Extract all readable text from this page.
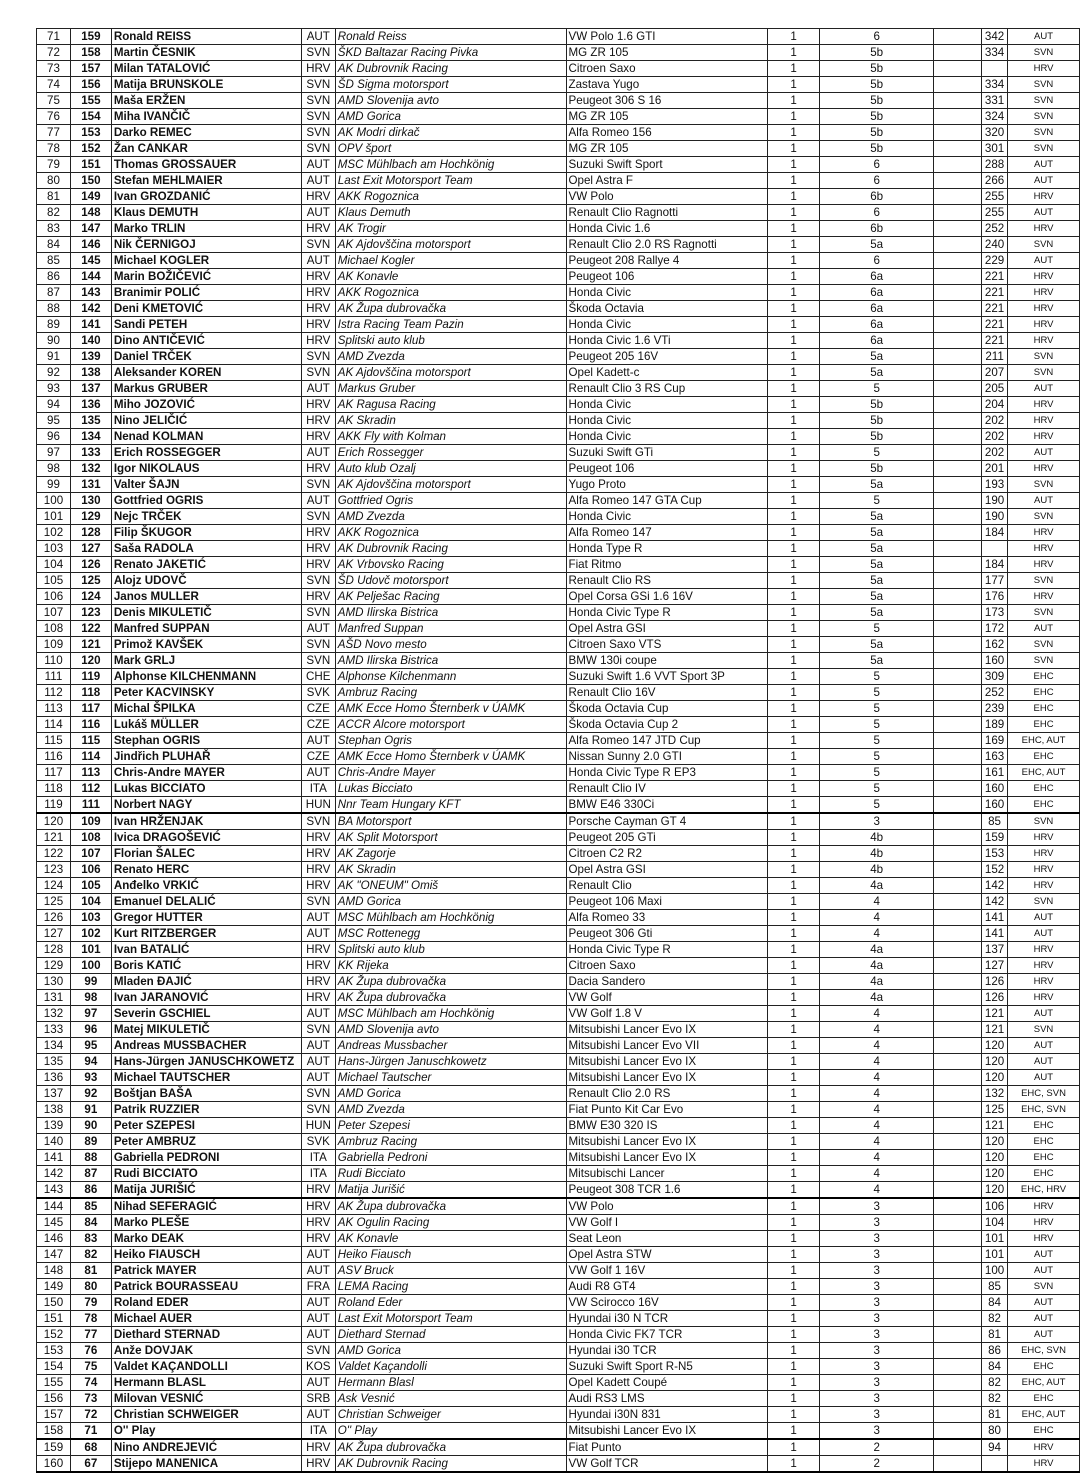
71	159	Ronald REISS	AUT	Ronald Reiss	VW Polo 1.6 GTI	1	6		342	AUT
72	158	Martin ČESNIK	SVN	ŠKD Baltazar Racing Pivka	MG ZR 105	1	5b		334	SVN
73	157	Milan TATALOVIĆ	HRV	AK Dubrovnik Racing	Citroen Saxo	1	5b			HRV
74	156	Matija BRUNSKOLE	SVN	ŠD Sigma motorsport	Zastava Yugo	1	5b		334	SVN
75	155	Maša ERŽEN	SVN	AMD Slovenija avto	Peugeot 306 S 16	1	5b		331	SVN
76	154	Miha IVANČIČ	SVN	AMD Gorica	MG ZR 105	1	5b		324	SVN
77	153	Darko REMEC	SVN	AK Modri dirkač	Alfa Romeo 156	1	5b		320	SVN
78	152	Žan CANKAR	SVN	OPV šport	MG ZR 105	1	5b		301	SVN
79	151	Thomas GROSSAUER	AUT	MSC Mühlbach am Hochkönig	Suzuki Swift Sport	1	6		288	AUT
80	150	Stefan MEHLMAIER	AUT	Last Exit Motorsport Team	Opel Astra F	1	6		266	AUT
81	149	Ivan GROZDANIĆ	HRV	AKK Rogoznica	VW Polo	1	6b		255	HRV
82	148	Klaus DEMUTH	AUT	Klaus Demuth	Renault Clio Ragnotti	1	6		255	AUT
83	147	Marko TRLIN	HRV	AK Trogir	Honda Civic 1.6	1	6b		252	HRV
84	146	Nik ČERNIGOJ	SVN	AK Ajdovščina motorsport	Renault Clio 2.0 RS Ragnotti	1	5a		240	SVN
85	145	Michael KOGLER	AUT	Michael Kogler	Peugeot 208 Rallye 4	1	6		229	AUT
86	144	Marin BOŽIČEVIĆ	HRV	AK Konavle	Peugeot 106	1	6a		221	HRV
87	143	Branimir POLIĆ	HRV	AKK Rogoznica	Honda Civic	1	6a		221	HRV
88	142	Deni KMETOVIĆ	HRV	AK Župa dubrovačka	Škoda Octavia	1	6a		221	HRV
89	141	Sandi PETEH	HRV	Istra Racing Team Pazin	Honda Civic	1	6a		221	HRV
90	140	Dino ANTIČEVIĆ	HRV	Splitski auto klub	Honda Civic 1.6 VTi	1	6a		221	HRV
91	139	Daniel TRČEK	SVN	AMD Zvezda	Peugeot 205 16V	1	5a		211	SVN
92	138	Aleksander KOREN	SVN	AK Ajdovščina motorsport	Opel Kadett-c	1	5a		207	SVN
93	137	Markus GRUBER	AUT	Markus Gruber	Renault Clio 3 RS Cup	1	5		205	AUT
94	136	Miho JOZOVIĆ	HRV	AK Ragusa Racing	Honda Civic	1	5b		204	HRV
95	135	Nino JELIČIĆ	HRV	AK Skradin	Honda Civic	1	5b		202	HRV
96	134	Nenad KOLMAN	HRV	AKK Fly with Kolman	Honda Civic	1	5b		202	HRV
97	133	Erich ROSSEGGER	AUT	Erich Rossegger	Suzuki Swift GTi	1	5		202	AUT
98	132	Igor NIKOLAUS	HRV	Auto klub Ozalj	Peugeot 106	1	5b		201	HRV
99	131	Valter ŠAJN	SVN	AK Ajdovščina motorsport	Yugo Proto	1	5a		193	SVN
100	130	Gottfried OGRIS	AUT	Gottfried Ogris	Alfa Romeo 147 GTA Cup	1	5		190	AUT
101	129	Nejc TRČEK	SVN	AMD Zvezda	Honda Civic	1	5a		190	SVN
102	128	Filip ŠKUGOR	HRV	AKK Rogoznica	Alfa Romeo 147	1	5a		184	HRV
103	127	Saša RADOLA	HRV	AK Dubrovnik Racing	Honda Type R	1	5a			HRV
104	126	Renato JAKETIĆ	HRV	AK Vrbovsko Racing	Fiat Ritmo	1	5a		184	HRV
105	125	Alojz UDOVČ	SVN	ŠD Udovč motorsport	Renault Clio RS	1	5a		177	SVN
106	124	Janos MULLER	HRV	AK Pelješac Racing	Opel Corsa GSi 1.6 16V	1	5a		176	HRV
107	123	Denis MIKULETIČ	SVN	AMD Ilirska Bistrica	Honda Civic Type R	1	5a		173	SVN
108	122	Manfred SUPPAN	AUT	Manfred Suppan	Opel Astra GSI	1	5		172	AUT
109	121	Primož KAVŠEK	SVN	AŠD Novo mesto	Citroen Saxo VTS	1	5a		162	SVN
110	120	Mark GRLJ	SVN	AMD Ilirska Bistrica	BMW 130i coupe	1	5a		160	SVN
111	119	Alphonse KILCHENMANN	CHE	Alphonse Kilchenmann	Suzuki Swift 1.6 VVT Sport 3P	1	5		309	EHC
112	118	Peter KACVINSKY	SVK	Ambruz Racing	Renault Clio 16V	1	5		252	EHC
113	117	Michal ŠPILKA	CZE	AMK Ecce Homo Šternberk v ÚAMK	Škoda Octavia Cup	1	5		239	EHC
114	116	Lukáš MÜLLER	CZE	ACCR Alcore motorsport	Škoda Octavia Cup 2	1	5		189	EHC
115	115	Stephan OGRIS	AUT	Stephan Ogris	Alfa Romeo 147 JTD Cup	1	5		169	EHC, AUT
116	114	Jindřich PLUHAŘ	CZE	AMK Ecce Homo Šternberk v ÚAMK	Nissan Sunny 2.0 GTI	1	5		163	EHC
117	113	Chris-Andre MAYER	AUT	Chris-Andre Mayer	Honda Civic Type R EP3	1	5		161	EHC, AUT
118	112	Lukas BICCIATO	ITA	Lukas Bicciato	Renault Clio IV	1	5		160	EHC
119	111	Norbert NAGY	HUN	Nnr Team Hungary KFT	BMW E46 330Ci	1	5		160	EHC
120	109	Ivan HRŽENJAK	SVN	BA Motorsport	Porsche Cayman GT 4	1	3		85	SVN
121	108	Ivica DRAGOŠEVIĆ	HRV	AK Split Motorsport	Peugeot 205 GTi	1	4b		159	HRV
122	107	Florian ŠALEC	HRV	AK Zagorje	Citroen C2 R2	1	4b		153	HRV
123	106	Renato HERC	HRV	AK Skradin	Opel Astra GSI	1	4b		152	HRV
124	105	Anđelko VRKIĆ	HRV	AK "ONEUM" Omiš	Renault Clio	1	4a		142	HRV
125	104	Emanuel DELALIĆ	SVN	AMD Gorica	Peugeot 106 Maxi	1	4		142	SVN
126	103	Gregor HUTTER	AUT	MSC Mühlbach am Hochkönig	Alfa Romeo 33	1	4		141	AUT
127	102	Kurt RITZBERGER	AUT	MSC Rottenegg	Peugeot 306 Gti	1	4		141	AUT
128	101	Ivan BATALIĆ	HRV	Splitski auto klub	Honda Civic Type R	1	4a		137	HRV
129	100	Boris KATIĆ	HRV	KK Rijeka	Citroen Saxo	1	4a		127	HRV
130	99	Mladen ĐAJIĆ	HRV	AK Župa dubrovačka	Dacia Sandero	1	4a		126	HRV
131	98	Ivan JARANOVIĆ	HRV	AK Župa dubrovačka	VW Golf	1	4a		126	HRV
132	97	Severin GSCHIEL	AUT	MSC Mühlbach am Hochkönig	VW Golf 1.8 V	1	4		121	AUT
133	96	Matej MIKULETIČ	SVN	AMD Slovenija avto	Mitsubishi Lancer Evo IX	1	4		121	SVN
134	95	Andreas MUSSBACHER	AUT	Andreas Mussbacher	Mitsubishi Lancer Evo VII	1	4		120	AUT
135	94	Hans-Jürgen JANUSCHKOWETZ	AUT	Hans-Jürgen Januschkowetz	Mitsubishi Lancer Evo IX	1	4		120	AUT
136	93	Michael TAUTSCHER	AUT	Michael Tautscher	Mitsubishi Lancer Evo IX	1	4		120	AUT
137	92	Boštjan BAŠA	SVN	AMD Gorica	Renault Clio 2.0 RS	1	4		132	EHC, SVN
138	91	Patrik RUZZIER	SVN	AMD Zvezda	Fiat Punto Kit Car Evo	1	4		125	EHC, SVN
139	90	Peter SZEPESI	HUN	Peter Szepesi	BMW E30 320 IS	1	4		121	EHC
140	89	Peter AMBRUZ	SVK	Ambruz Racing	Mitsubishi Lancer Evo IX	1	4		120	EHC
141	88	Gabriella PEDRONI	ITA	Gabriella Pedroni	Mitsubishi Lancer Evo IX	1	4		120	EHC
142	87	Rudi BICCIATO	ITA	Rudi Bicciato	Mitsubischi Lancer	1	4		120	EHC
143	86	Matija JURIŠIĆ	HRV	Matija Jurišić	Peugeot 308 TCR 1.6	1	4		120	EHC, HRV
144	85	Nihad SEFERAGIĆ	HRV	AK Župa dubrovačka	VW Polo	1	3		106	HRV
145	84	Marko PLEŠE	HRV	AK Ogulin Racing	VW Golf I	1	3		104	HRV
146	83	Marko DEAK	HRV	AK Konavle	Seat Leon	1	3		101	HRV
147	82	Heiko FIAUSCH	AUT	Heiko Fiausch	Opel Astra STW	1	3		101	AUT
148	81	Patrick MAYER	AUT	ASV Bruck	VW Golf 1 16V	1	3		100	AUT
149	80	Patrick BOURASSEAU	FRA	LEMA Racing	Audi R8 GT4	1	3		85	SVN
150	79	Roland EDER	AUT	Roland Eder	VW Scirocco 16V	1	3		84	AUT
151	78	Michael AUER	AUT	Last Exit Motorsport Team	Hyundai i30 N TCR	1	3		82	AUT
152	77	Diethard STERNAD	AUT	Diethard Sternad	Honda Civic FK7 TCR	1	3		81	AUT
153	76	Anže DOVJAK	SVN	AMD Gorica	Hyundai i30 TCR	1	3		86	EHC, SVN
154	75	Valdet KAÇANDOLLI	KOS	Valdet Kaçandolli	Suzuki Swift Sport R-N5	1	3		84	EHC
155	74	Hermann BLASL	AUT	Hermann Blasl	Opel Kadett Coupé	1	3		82	EHC, AUT
156	73	Milovan VESNIĆ	SRB	Ask Vesnić	Audi RS3 LMS	1	3		82	EHC
157	72	Christian SCHWEIGER	AUT	Christian Schweiger	Hyundai i30N 831	1	3		81	EHC, AUT
158	71	O'' Play	ITA	O'' Play	Mitsubishi Lancer Evo IX	1	3		80	EHC
159	68	Nino ANDREJEVIĆ	HRV	AK Župa dubrovačka	Fiat Punto	1	2		94	HRV
160	67	Stijepo MANENICA	HRV	AK Dubrovnik Racing	VW Golf TCR	1	2			HRV
